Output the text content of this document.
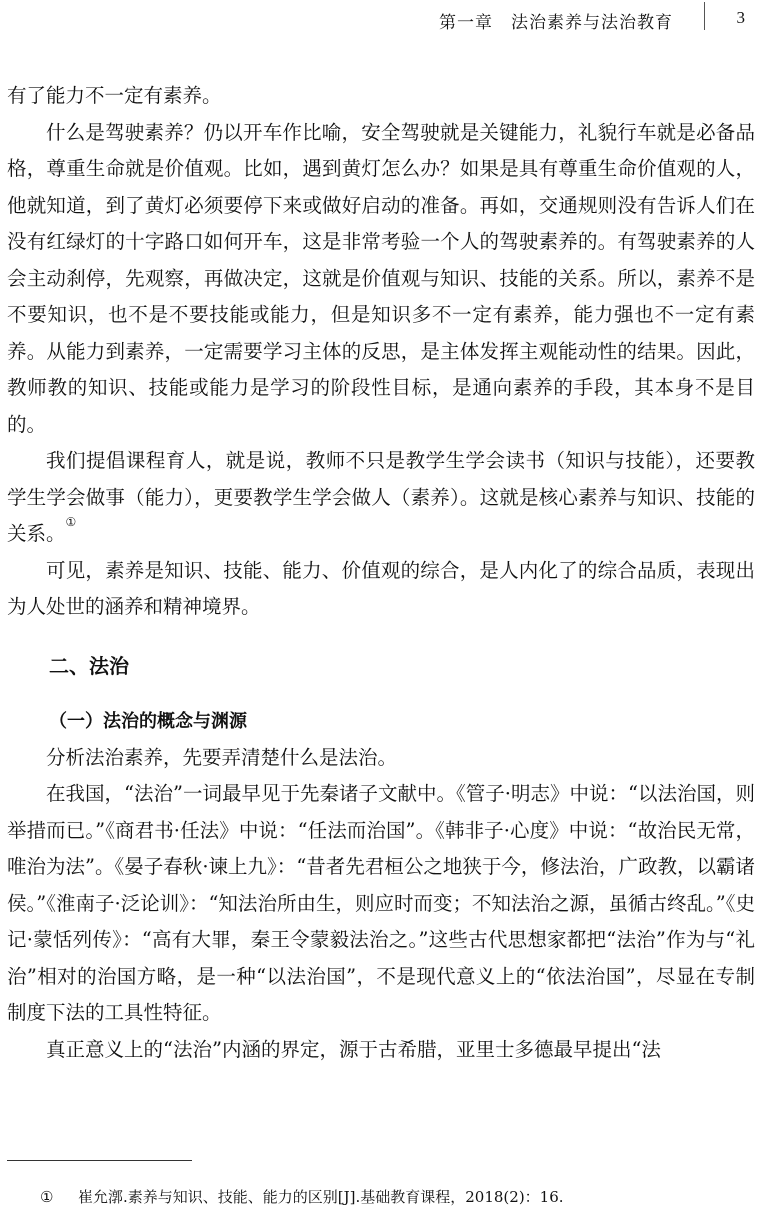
第一章　法治素养与法治教育	3

有了能力不一定有素养。

什么是驾驶素养？仍以开车作比喻，安全驾驶就是关键能力，礼貌行车就是必备品格，尊重生命就是价值观。比如，遇到黄灯怎么办？如果是具有尊重生命价值观的人，他就知道，到了黄灯必须要停下来或做好启动的准备。再如，交通规则没有告诉人们在没有红绿灯的十字路口如何开车，这是非常考验一个人的驾驶素养的。有驾驶素养的人会主动刹停，先观察，再做决定，这就是价值观与知识、技能的关系。所以，素养不是不要知识，也不是不要技能或能力，但是知识多不一定有素养，能力强也不一定有素养。从能力到素养，一定需要学习主体的反思，是主体发挥主观能动性的结果。因此，教师教的知识、技能或能力是学习的阶段性目标，是通向素养的手段，其本身不是目的。

我们提倡课程育人，就是说，教师不只是教学生学会读书（知识与技能），还要教学生学会做事（能力），更要教学生学会做人（素养）。这就是核心素养与知识、技能的关系。①

可见，素养是知识、技能、能力、价值观的综合，是人内化了的综合品质，表现出为人处世的涵养和精神境界。

二、法治
（一）法治的概念与渊源

分析法治素养，先要弄清楚什么是法治。

在我国，“法治”一词最早见于先秦诸子文献中。《管子·明志》中说：“以法治国，则举措而已。”《商君书·任法》中说：“任法而治国”。《韩非子·心度》中说：“故治民无常，唯治为法”。《晏子春秋·谏上九》：“昔者先君桓公之地狭于今，修法治，广政教，以霸诸侯。”《淮南子·泛论训》：“知法治所由生，则应时而变；不知法治之源，虽循古终乱。”《史记·蒙恬列传》：“高有大罪，秦王令蒙毅法治之。”这些古代思想家都把“法治”作为与“礼治”相对的治国方略，是一种“以法治国”，不是现代意义上的“依法治国”，尽显在专制制度下法的工具性特征。

真正意义上的“法治”内涵的界定，源于古希腊，亚里士多德最早提出“法

① 崔允漷.素养与知识、技能、能力的区别[J].基础教育课程，2018(2)：16.
